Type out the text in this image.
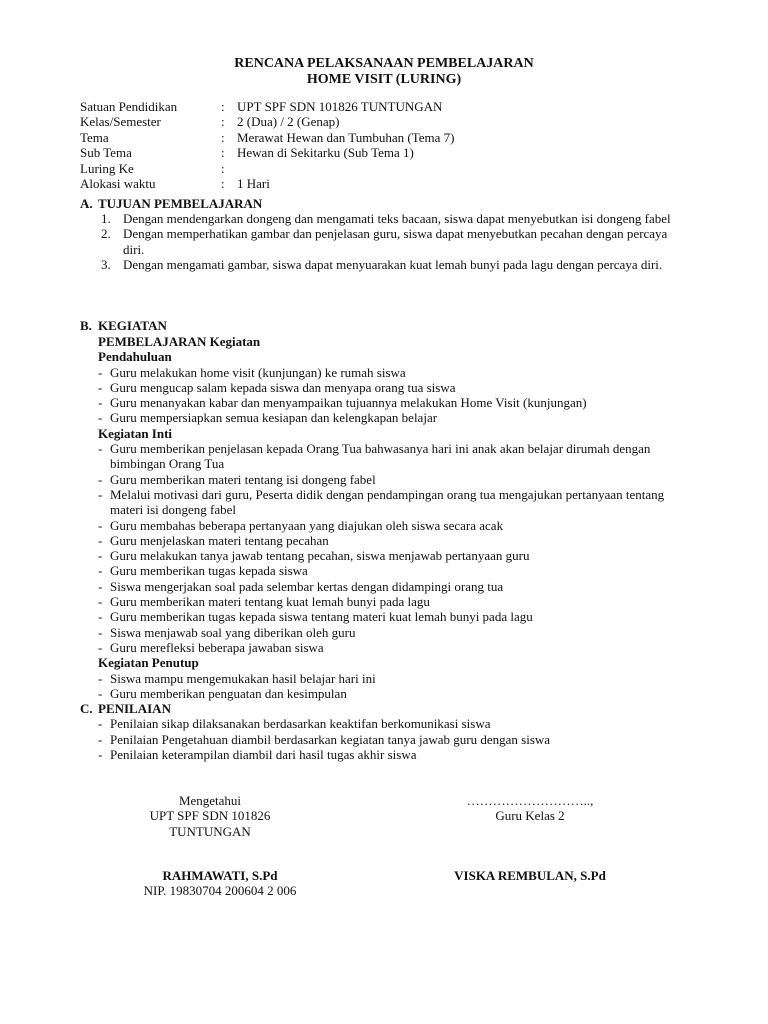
RENCANA PELAKSANAAN PEMBELAJARAN
HOME VISIT (LURING)
Satuan Pendidikan	: UPT SPF SDN 101826 TUNTUNGAN
Kelas/Semester	: 2 (Dua) / 2 (Genap)
Tema	: Merawat Hewan dan Tumbuhan (Tema 7)
Sub Tema	: Hewan di Sekitarku (Sub Tema 1)
Luring Ke	:
Alokasi waktu	: 1 Hari
A. TUJUAN PEMBELAJARAN
1. Dengan mendengarkan dongeng dan mengamati teks bacaan, siswa dapat menyebutkan isi dongeng fabel
2. Dengan memperhatikan gambar dan penjelasan guru, siswa dapat menyebutkan pecahan dengan percaya diri.
3. Dengan mengamati gambar, siswa dapat menyuarakan kuat lemah bunyi pada lagu dengan percaya diri.
B. KEGIATAN
PEMBELAJARAN Kegiatan
Pendahuluan
- Guru melakukan home visit (kunjungan) ke rumah siswa
- Guru mengucap salam kepada siswa dan menyapa orang tua siswa
- Guru menanyakan kabar dan menyampaikan tujuannya melakukan Home Visit (kunjungan)
- Guru mempersiapkan semua kesiapan dan kelengkapan belajar
Kegiatan Inti
- Guru memberikan penjelasan kepada Orang Tua bahwasanya hari ini anak akan belajar dirumah dengan bimbingan Orang Tua
- Guru memberikan materi tentang isi dongeng fabel
- Melalui motivasi dari guru, Peserta didik dengan pendampingan orang tua mengajukan pertanyaan tentang materi isi dongeng fabel
- Guru membahas beberapa pertanyaan yang diajukan oleh siswa secara acak
- Guru menjelaskan materi tentang pecahan
- Guru melakukan tanya jawab tentang pecahan, siswa menjawab pertanyaan guru
- Guru memberikan tugas kepada siswa
- Siswa mengerjakan soal pada selembar kertas dengan didampingi orang tua
- Guru memberikan materi tentang kuat lemah bunyi pada lagu
- Guru memberikan tugas kepada siswa tentang materi kuat lemah bunyi pada lagu
- Siswa menjawab soal yang diberikan oleh guru
- Guru merefleksi beberapa jawaban siswa
Kegiatan Penutup
- Siswa mampu mengemukakan hasil belajar hari ini
- Guru memberikan penguatan dan kesimpulan
C. PENILAIAN
- Penilaian sikap dilaksanakan berdasarkan keaktifan berkomunikasi siswa
- Penilaian Pengetahuan diambil berdasarkan kegiatan tanya jawab guru dengan siswa
- Penilaian keterampilan diambil dari hasil tugas akhir siswa
Mengetahui
UPT SPF SDN 101826
TUNTUNGAN
………………………..,
Guru Kelas 2
RAHMAWATI, S.Pd
NIP. 19830704 200604 2 006
VISKA REMBULAN, S.Pd
